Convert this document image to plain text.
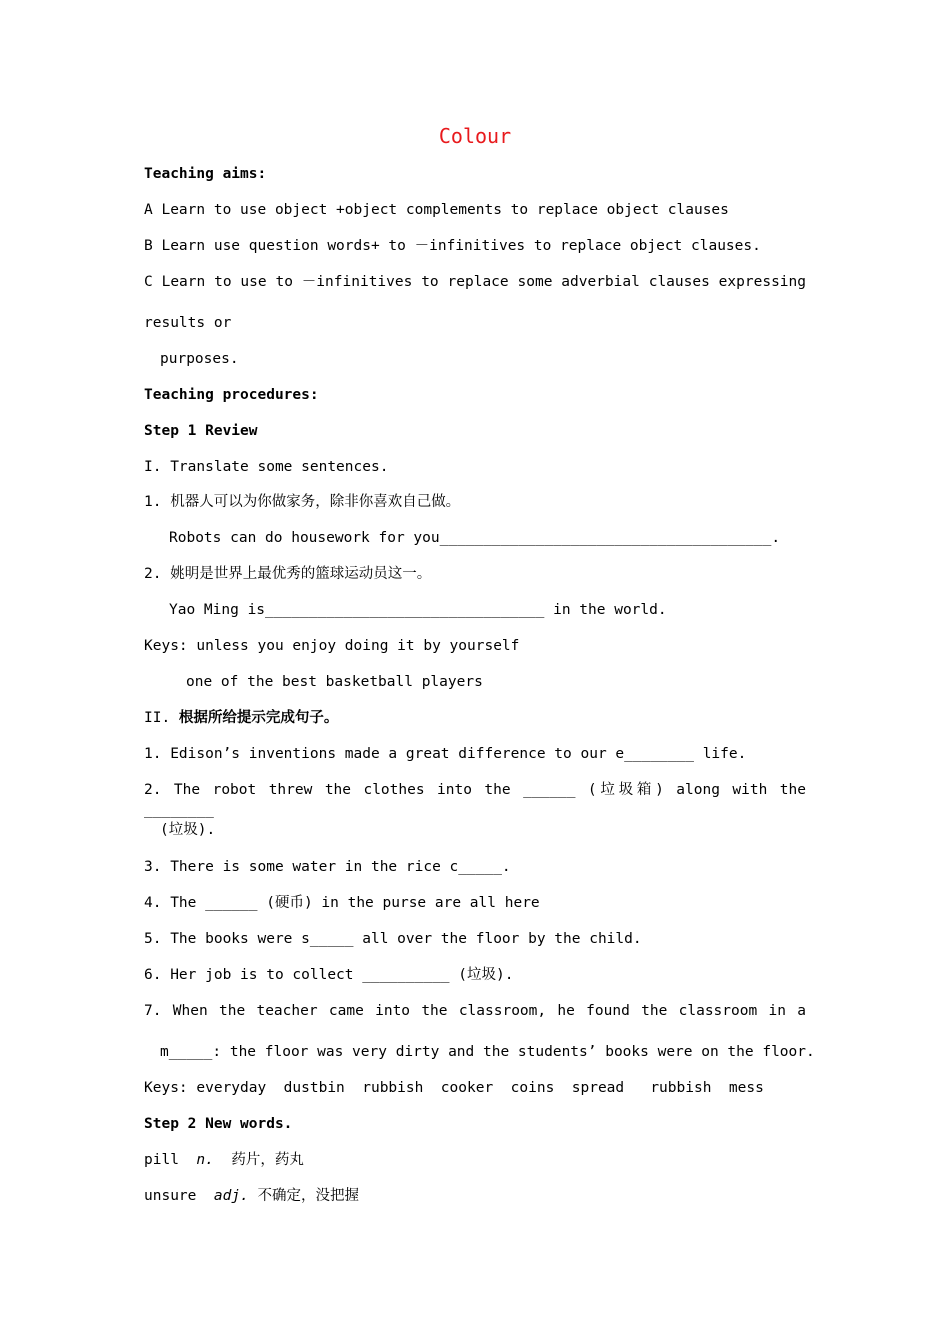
Colour
Teaching aims:
A Learn to use object +object complements to replace object clauses
B Learn use question words+ to －infinitives to replace object clauses.
C Learn to use to －infinitives to replace some adverbial clauses expressing
results or
purposes.
Teaching procedures:
Step 1 Review
I. Translate some sentences.
1. 机器人可以为你做家务，除非你喜欢自己做。
Robots can do housework for you______________________________________.
2. 姚明是世界上最优秀的篮球运动员这一。
Yao Ming is________________________________ in the world.
Keys: unless you enjoy doing it by yourself
one of the best basketball players
II. 根据所给提示完成句子。
1. Edison’s inventions made a great difference to our e________ life.
2. The robot threw the clothes into the ______ (垃圾箱) along with the ________
(垃圾).
3. There is some water in the rice c_____.
4. The ______ (硬币) in the purse are all here
5. The books were s_____ all over the floor by the child.
6. Her job is to collect __________ (垃圾).
7. When the teacher came into the classroom, he found the classroom in a
m_____: the floor was very dirty and the students’ books were on the floor.
Keys: everyday  dustbin  rubbish  cooker  coins  spread   rubbish  mess
Step 2 New words.
pill n. 药片，药丸
unsure adj. 不确定，没把握
